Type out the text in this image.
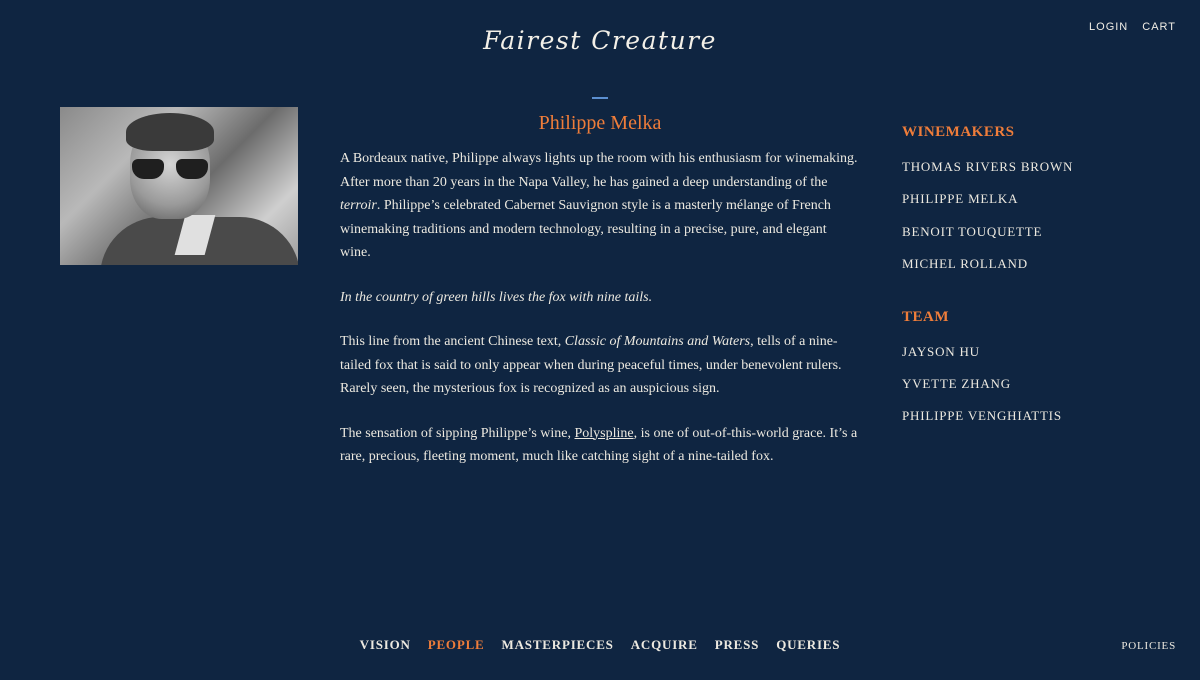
Fairest Creature	LOGIN CART
Philippe Melka

A Bordeaux native, Philippe always lights up the room with his enthusiasm for winemaking. After more than 20 years in the Napa Valley, he has gained a deep understanding of the terroir. Philippe’s celebrated Cabernet Sauvignon style is a masterly mélange of French winemaking traditions and modern technology, resulting in a precise, pure, and elegant wine.

In the country of green hills lives the fox with nine tails.

This line from the ancient Chinese text, Classic of Mountains and Waters, tells of a nine-tailed fox that is said to only appear when during peaceful times, under benevolent rulers. Rarely seen, the mysterious fox is recognized as an auspicious sign.

The sensation of sipping Philippe’s wine, Polyspline, is one of out-of-this-world grace. It’s a rare, precious, fleeting moment, much like catching sight of a nine-tailed fox.

WINEMAKERS
THOMAS RIVERS BROWN
PHILIPPE MELKA
BENOIT TOUQUETTE
MICHEL ROLLAND
TEAM
JAYSON HU
YVETTE ZHANG
PHILIPPE VENGHIATTIS
VISION PEOPLE MASTERPIECES ACQUIRE PRESS QUERIES	POLICIES
